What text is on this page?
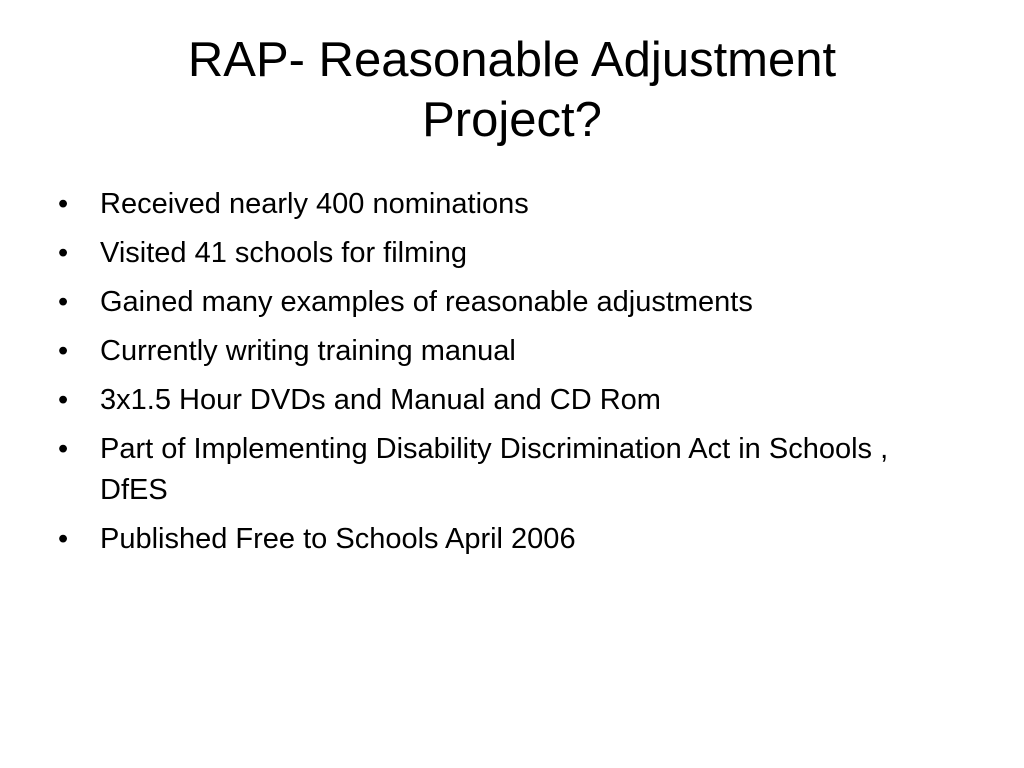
RAP- Reasonable Adjustment
Project?
•	Received nearly 400 nominations
•	Visited 41 schools for filming
•	Gained many examples of reasonable adjustments
•	Currently writing training manual
•	3x1.5 Hour DVDs and Manual and CD Rom
•	Part of Implementing Disability Discrimination Act in Schools , DfES
•	Published Free to Schools April 2006
